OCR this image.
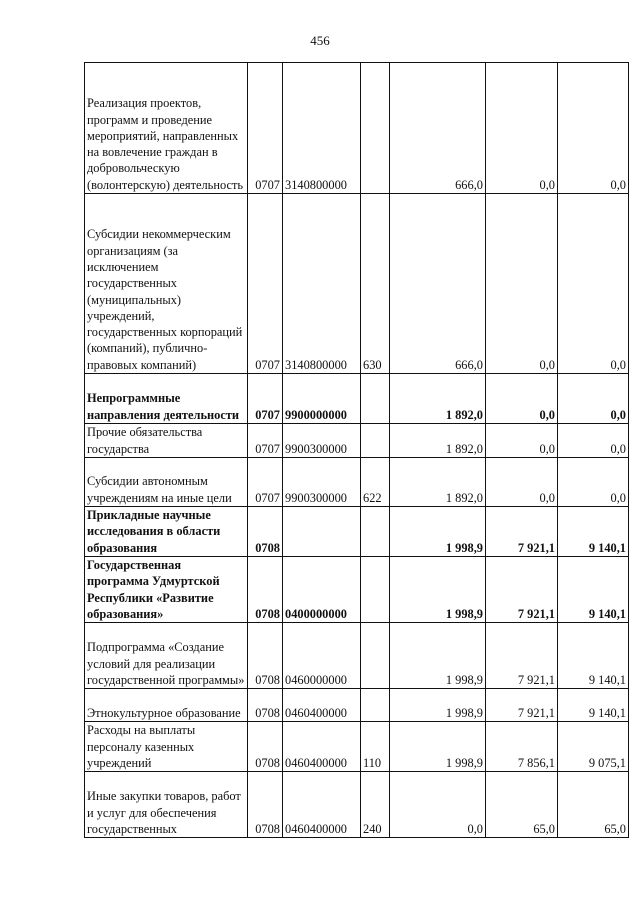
456
Реализация проектов, программ и проведение мероприятий, направленных на вовлечение граждан в добровольческую (волонтерскую) деятельность	0707	3140800000		666,0	0,0	0,0
Субсидии некоммерческим организациям (за исключением государственных (муниципальных) учреждений, государственных корпораций (компаний), публично-правовых компаний)	0707	3140800000	630	666,0	0,0	0,0
Непрограммные направления деятельности	0707	9900000000		1 892,0	0,0	0,0
Прочие обязательства государства	0707	9900300000		1 892,0	0,0	0,0
Субсидии автономным учреждениям на иные цели	0707	9900300000	622	1 892,0	0,0	0,0
Прикладные научные исследования в области образования	0708			1 998,9	7 921,1	9 140,1
Государственная программа Удмуртской Республики «Развитие образования»	0708	0400000000		1 998,9	7 921,1	9 140,1
Подпрограмма «Создание условий для реализации государственной программы»	0708	0460000000		1 998,9	7 921,1	9 140,1
Этнокультурное образование	0708	0460400000		1 998,9	7 921,1	9 140,1
Расходы на выплаты персоналу казенных учреждений	0708	0460400000	110	1 998,9	7 856,1	9 075,1
Иные закупки товаров, работ и услуг для обеспечения государственных	0708	0460400000	240	0,0	65,0	65,0
